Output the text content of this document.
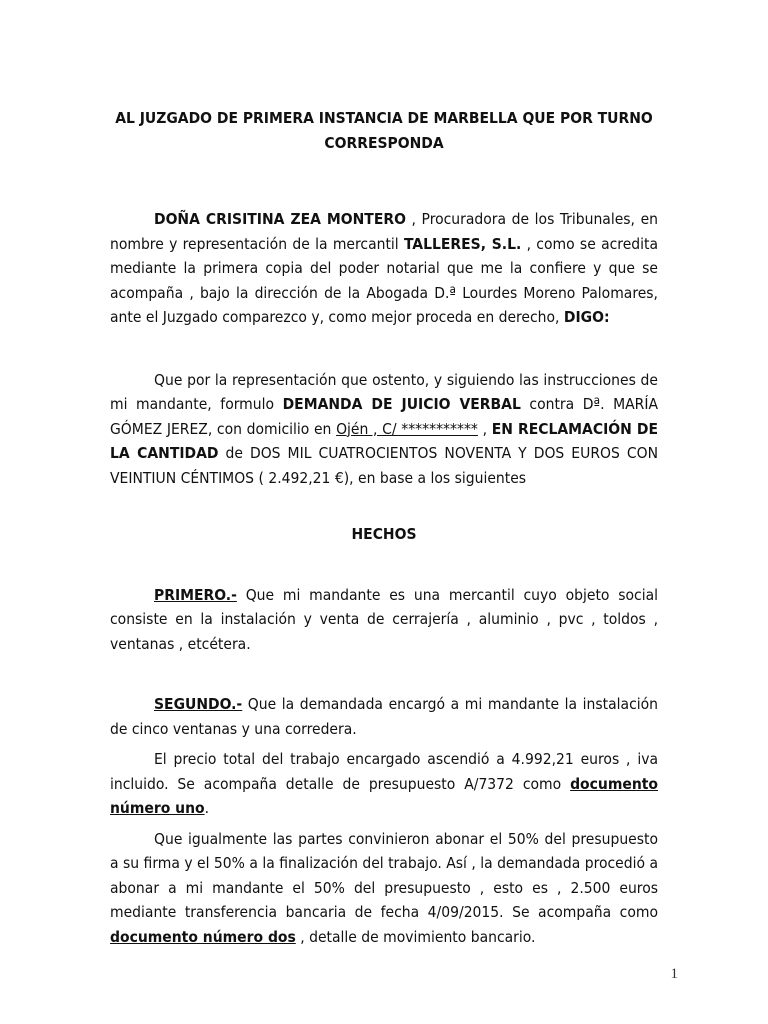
AL JUZGADO DE PRIMERA INSTANCIA DE MARBELLA QUE POR TURNO
CORRESPONDA

DOÑA CRISITINA ZEA MONTERO , Procuradora de los Tribunales, en nombre y representación de la mercantil TALLERES, S.L. , como se acredita mediante la primera copia del poder notarial que me la confiere y que se acompaña , bajo la dirección de la Abogada D.ª Lourdes Moreno Palomares, ante el Juzgado comparezco y, como mejor proceda en derecho, DIGO:

Que por la representación que ostento, y siguiendo las instrucciones de mi mandante, formulo DEMANDA DE JUICIO VERBAL contra Dª. MARÍA GÓMEZ JEREZ, con domicilio en Ojén , C/ *********** , EN RECLAMACIÓN DE LA CANTIDAD de DOS MIL CUATROCIENTOS NOVENTA Y DOS EUROS CON VEINTIUN CÉNTIMOS ( 2.492,21 €), en base a los siguientes

HECHOS

PRIMERO.- Que mi mandante es una mercantil cuyo objeto social consiste en la instalación y venta de cerrajería , aluminio , pvc , toldos , ventanas , etcétera.

SEGUNDO.- Que la demandada encargó a mi mandante la instalación de cinco ventanas y una corredera.

El precio total del trabajo encargado ascendió a 4.992,21 euros , iva incluido. Se acompaña detalle de presupuesto A/7372 como documento número uno.

Que igualmente las partes convinieron abonar el 50% del presupuesto a su firma y el 50% a la finalización del trabajo. Así , la demandada procedió a abonar a mi mandante el 50% del presupuesto , esto es , 2.500 euros mediante transferencia bancaria de fecha 4/09/2015. Se acompaña como documento número dos , detalle de movimiento bancario.

1
